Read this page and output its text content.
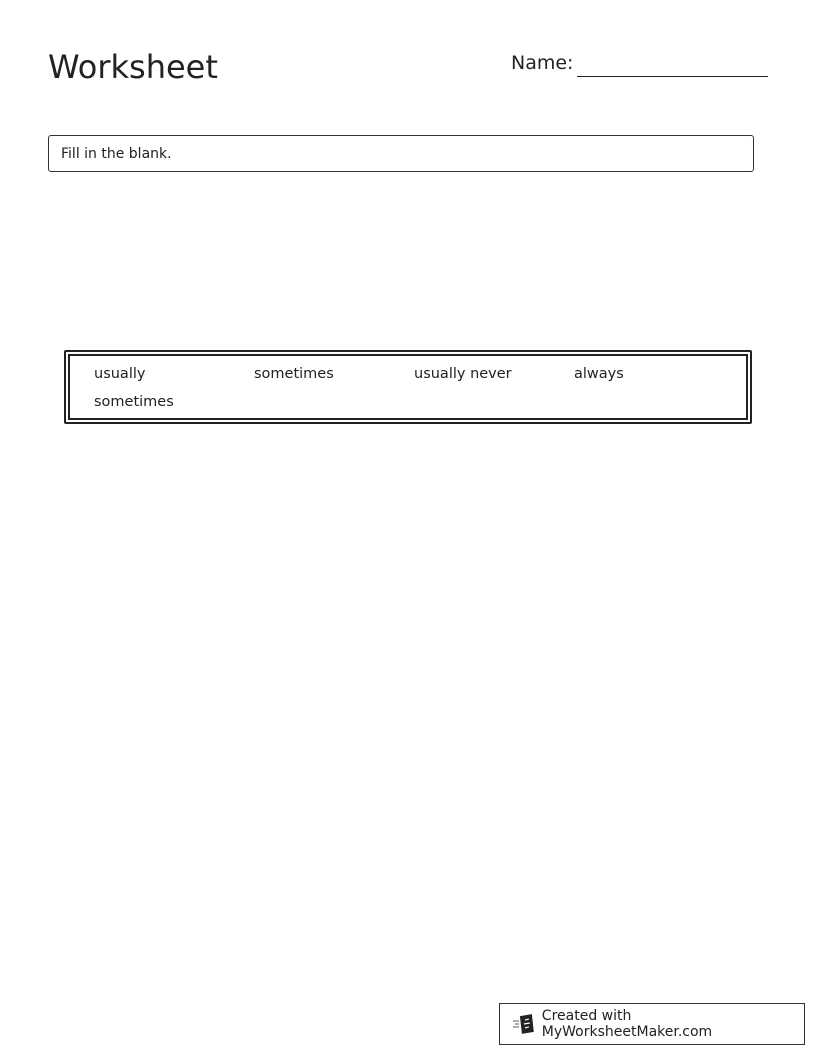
Worksheet	Name:
Fill in the blank.
usually	sometimes	usually never	always
sometimes
Created with MyWorksheetMaker.com
